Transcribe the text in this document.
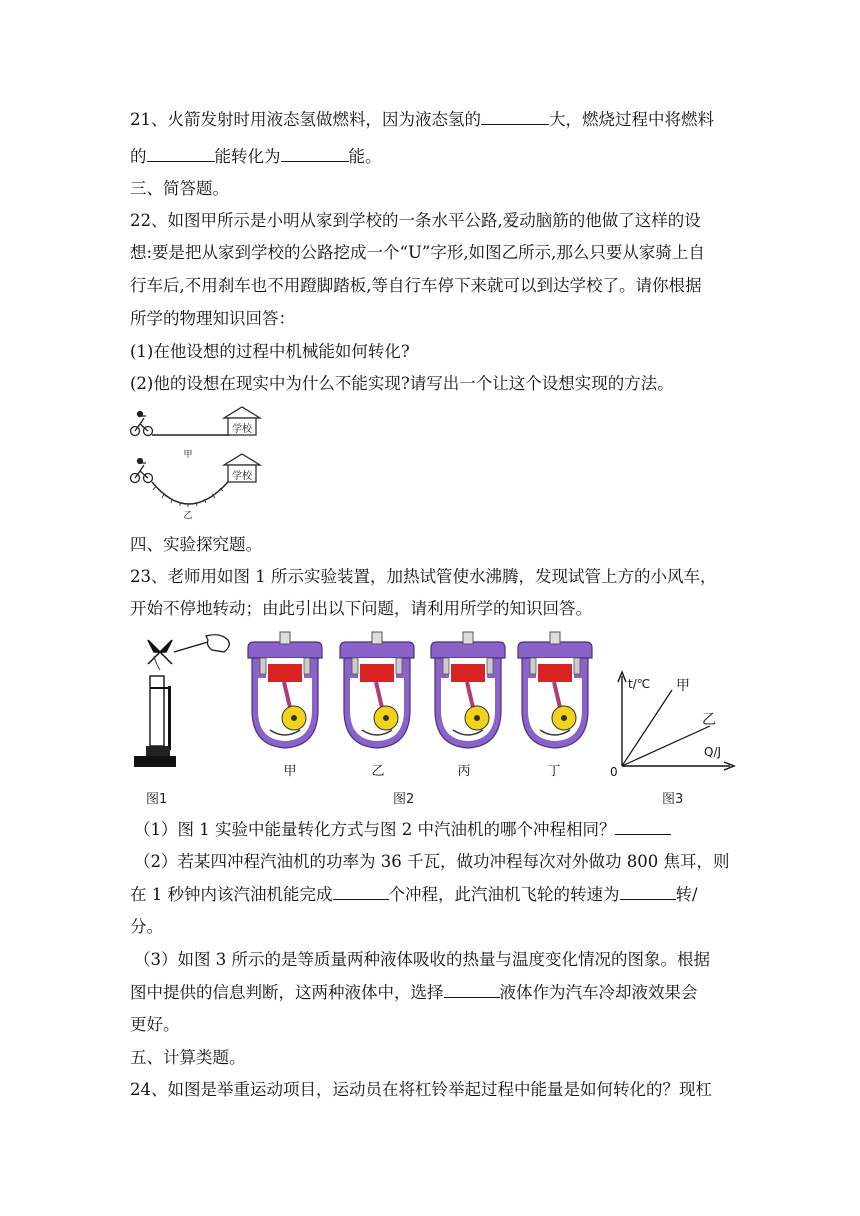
21、火箭发射时用液态氢做燃料，因为液态氢的	大，燃烧过程中将燃料
的	能转化为	能。
三、简答题。
22、如图甲所示是小明从家到学校的一条水平公路,爱动脑筋的他做了这样的设
想:要是把从家到学校的公路挖成一个“U”字形,如图乙所示,那么只要从家骑上自
行车后,不用刹车也不用蹬脚踏板,等自行车停下来就可以到达学校了。请你根据
所学的物理知识回答：
(1)在他设想的过程中机械能如何转化?
(2)他的设想在现实中为什么不能实现?请写出一个让这个设想实现的方法。
学校
甲
学校
乙
四、实验探究题。
23、老师用如图 1 所示实验装置，加热试管使水沸腾，发现试管上方的小风车，
开始不停地转动；由此引出以下问题，请利用所学的知识回答。
图1
甲	乙	丙	丁
图2
t/℃
Q/J
0
甲
乙
图3
（1）图 1 实验中能量转化方式与图 2 中汽油机的哪个冲程相同？
（2）若某四冲程汽油机的功率为 36 千瓦，做功冲程每次对外做功 800 焦耳，则
在 1 秒钟内该汽油机能完成	个冲程，此汽油机飞轮的转速为	转/
分。
（3）如图 3 所示的是等质量两种液体吸收的热量与温度变化情况的图象。根据
图中提供的信息判断，这两种液体中，选择	液体作为汽车冷却液效果会
更好。
五、计算类题。
24、如图是举重运动项目，运动员在将杠铃举起过程中能量是如何转化的？现杠
